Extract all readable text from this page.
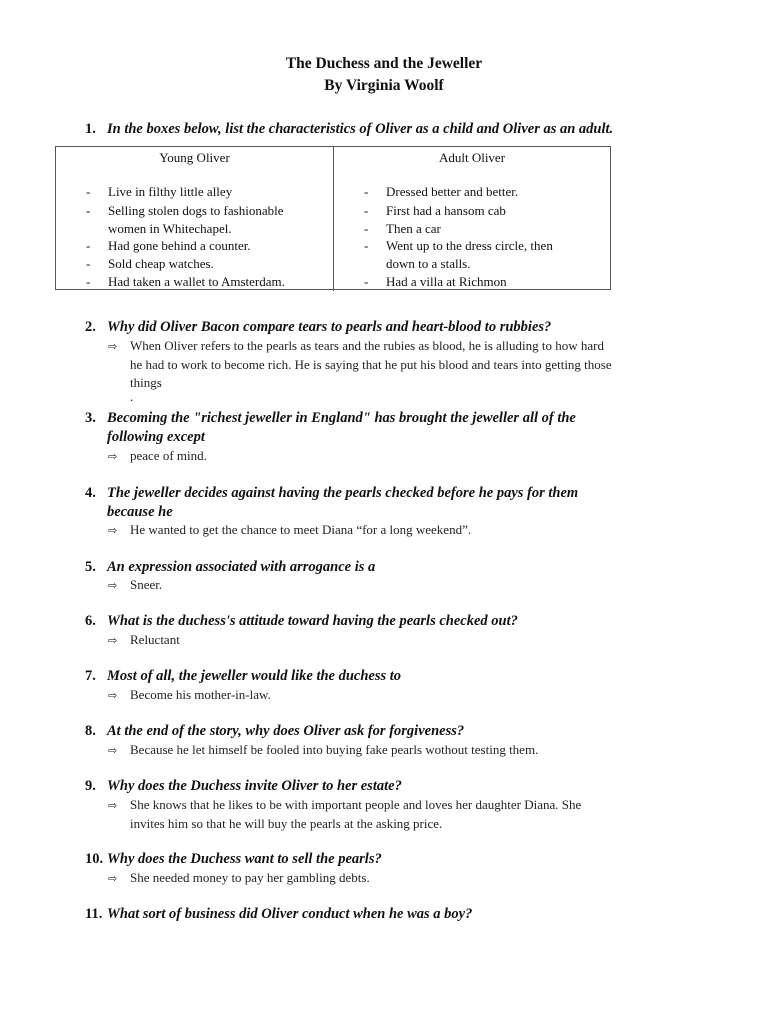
The Duchess and the Jeweller
By Virginia Woolf
1. In the boxes below, list the characteristics of Oliver as a child and Oliver as an adult.
Young Oliver
- Live in filthy little alley
- Selling stolen dogs to fashionable
women in Whitechapel.
- Had gone behind a counter.
- Sold cheap watches.
- Had taken a wallet to Amsterdam.
Adult Oliver
- Dressed better and better.
- First had a hansom cab
- Then a car
- Went up to the dress circle, then
down to a stalls.
- Had a villa at Richmon
2. Why did Oliver Bacon compare tears to pearls and heart-blood to rubbies?
⇨ When Oliver refers to the pearls as tears and the rubies as blood, he is alluding to how hard
he had to work to become rich. He is saying that he put his blood and tears into getting those
things
.
3. Becoming the "richest jeweller in England" has brought the jeweller all of the
following except
⇨ peace of mind.
4. The jeweller decides against having the pearls checked before he pays for them
because he
⇨ He wanted to get the chance to meet Diana “for a long weekend”.
5. An expression associated with arrogance is a
⇨ Sneer.
6. What is the duchess's attitude toward having the pearls checked out?
⇨ Reluctant
7. Most of all, the jeweller would like the duchess to
⇨ Become his mother-in-law.
8. At the end of the story, why does Oliver ask for forgiveness?
⇨ Because he let himself be fooled into buying fake pearls wothout testing them.
9. Why does the Duchess invite Oliver to her estate?
⇨ She knows that he likes to be with important people and loves her daughter Diana. She
invites him so that he will buy the pearls at the asking price.
10. Why does the Duchess want to sell the pearls?
⇨ She needed money to pay her gambling debts.
11. What sort of business did Oliver conduct when he was a boy?
